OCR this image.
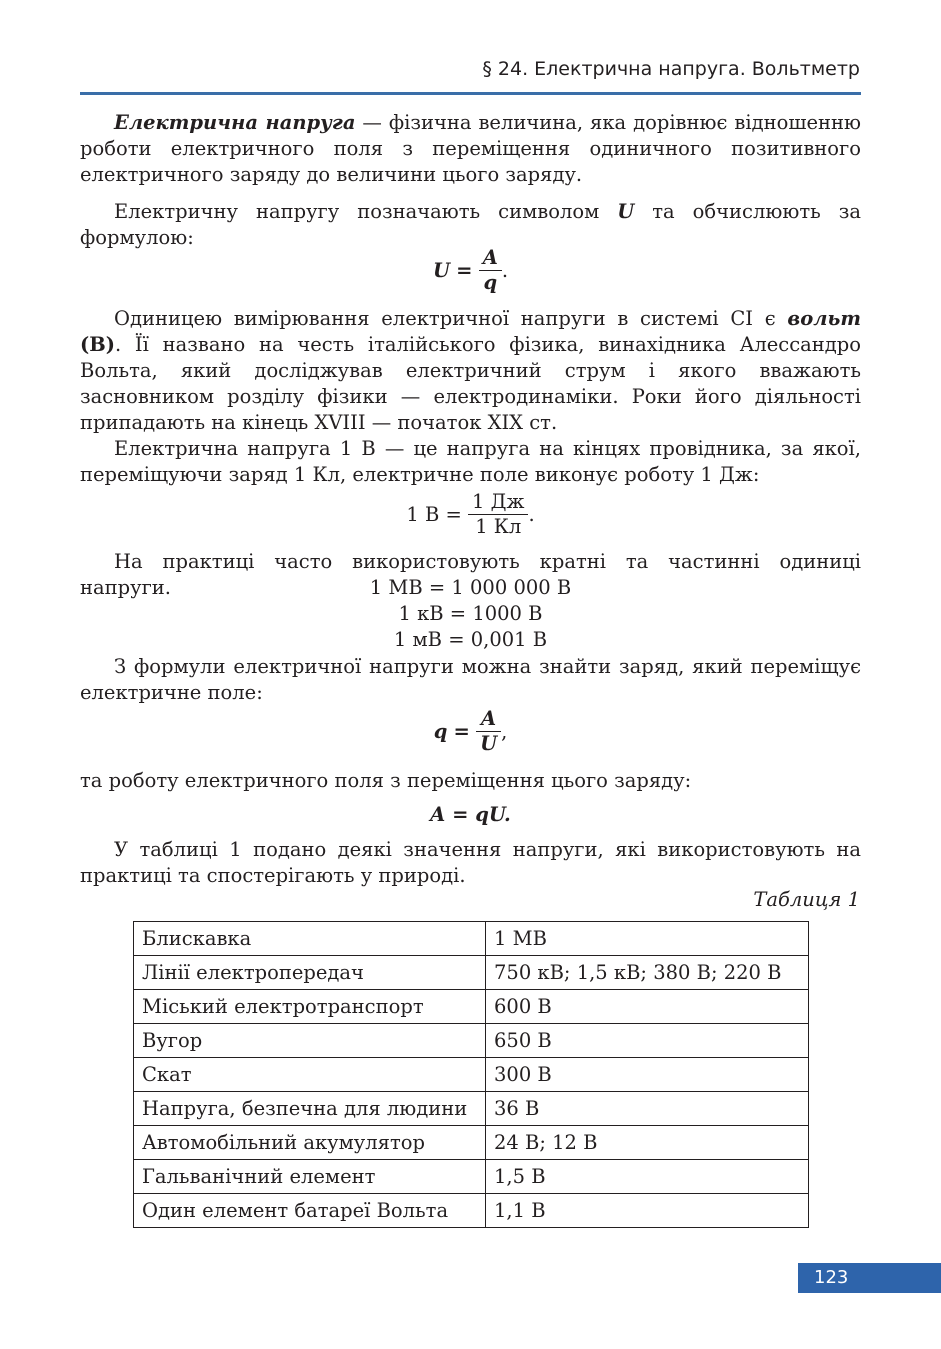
§ 24. Електрична напруга. Вольтметр

Електрична напруга — фізична величина, яка дорівнює відношенню роботи електричного поля з переміщення одиничного позитивного електричного заряду до величини цього заряду.

Електричну напругу позначають символом U та обчислюють за формулою:

$U = \frac{A}{q}$ .

Одиницею вимірювання електричної напруги в системі СІ є вольт (В). Її названо на честь італійського фізика, винахідника Алессандро Вольта, який досліджував електричний струм і якого вважають засновником розділу фізики — електродинаміки. Роки його діяльності припадають на кінець XVIII — початок XIX ст.

Електрична напруга 1 В — це напруга на кінцях провідника, за якої, переміщуючи заряд 1 Кл, електричне поле виконує роботу 1 Дж:

1 $В = \frac{1 Дж}{1 Кл}$ .

На практиці часто використовують кратні та частинні одиниці напруги.	1 МВ = 1 000 000 В
1 кВ = 1000 В
1 мВ = 0,001 В

З формули електричної напруги можна знайти заряд, який переміщує електричне поле:

$q = \frac{A}{U}$ ,

та роботу електричного поля з переміщення цього заряду:

A = qU.

У таблиці 1 подано деякі значення напруги, які використовують на практиці та спостерігають у природі.

Таблиця 1
Блискавка	1 МВ
Лінії електропередач	750 кВ; 1,5 кВ; 380 В; 220 В
Міський електротранспорт	600 В
Вугор	650 В
Скат	300 В
Напруга, безпечна для людини	36 В
Автомобільний акумулятор	24 В; 12 В
Гальванічний елемент	1,5 В
Один елемент батареї Вольта	1,1 В
123
